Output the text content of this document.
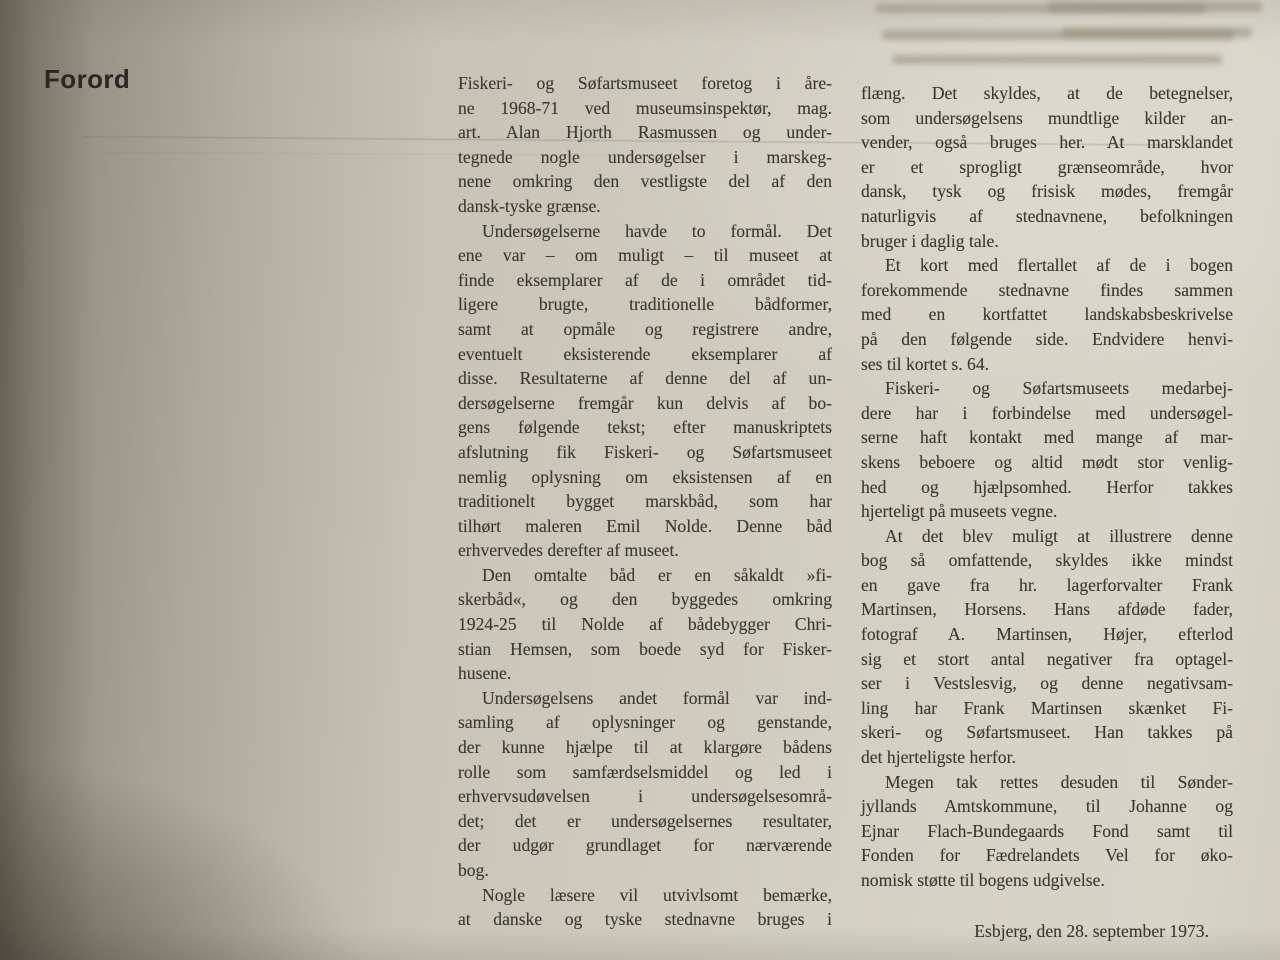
Forord	Fiskeri- og Søfartsmuseet foretog i åre-
ne 1968-71 ved museumsinspektør, mag.
art. Alan Hjorth Rasmussen og under-
tegnede nogle undersøgelser i marskeg-
nene omkring den vestligste del af den
dansk-tyske grænse.
Undersøgelserne havde to formål. Det
ene var – om muligt – til museet at
finde eksemplarer af de i området tid-
ligere brugte, traditionelle bådformer,
samt at opmåle og registrere andre,
eventuelt eksisterende eksemplarer af
disse. Resultaterne af denne del af un-
dersøgelserne fremgår kun delvis af bo-
gens følgende tekst; efter manuskriptets
afslutning fik Fiskeri- og Søfartsmuseet
nemlig oplysning om eksistensen af en
traditionelt bygget marskbåd, som har
tilhørt maleren Emil Nolde. Denne båd
erhvervedes derefter af museet.
Den omtalte båd er en såkaldt »fi-
skerbåd«, og den byggedes omkring
1924-25 til Nolde af bådebygger Chri-
stian Hemsen, som boede syd for Fisker-
husene.
Undersøgelsens andet formål var ind-
samling af oplysninger og genstande,
der kunne hjælpe til at klargøre bådens
rolle som samfærdselsmiddel og led i
erhvervsudøvelsen i undersøgelsesområ-
det; det er undersøgelsernes resultater,
der udgør grundlaget for nærværende
bog.
Nogle læsere vil utvivlsomt bemærke,
at danske og tyske stednavne bruges i
flæng. Det skyldes, at de betegnelser,
som undersøgelsens mundtlige kilder an-
vender, også bruges her. At marsklandet
er et sprogligt grænseområde, hvor
dansk, tysk og frisisk mødes, fremgår
naturligvis af stednavnene, befolkningen
bruger i daglig tale.
Et kort med flertallet af de i bogen
forekommende stednavne findes sammen
med en kortfattet landskabsbeskrivelse
på den følgende side. Endvidere henvi-
ses til kortet s. 64.
Fiskeri- og Søfartsmuseets medarbej-
dere har i forbindelse med undersøgel-
serne haft kontakt med mange af mar-
skens beboere og altid mødt stor venlig-
hed og hjælpsomhed. Herfor takkes
hjerteligt på museets vegne.
At det blev muligt at illustrere denne
bog så omfattende, skyldes ikke mindst
en gave fra hr. lagerforvalter Frank
Martinsen, Horsens. Hans afdøde fader,
fotograf A. Martinsen, Højer, efterlod
sig et stort antal negativer fra optagel-
ser i Vestslesvig, og denne negativsam-
ling har Frank Martinsen skænket Fi-
skeri- og Søfartsmuseet. Han takkes på
det hjerteligste herfor.
Megen tak rettes desuden til Sønder-
jyllands Amtskommune, til Johanne og
Ejnar Flach-Bundegaards Fond samt til
Fonden for Fædrelandets Vel for øko-
nomisk støtte til bogens udgivelse.
Esbjerg, den 28. september 1973.
